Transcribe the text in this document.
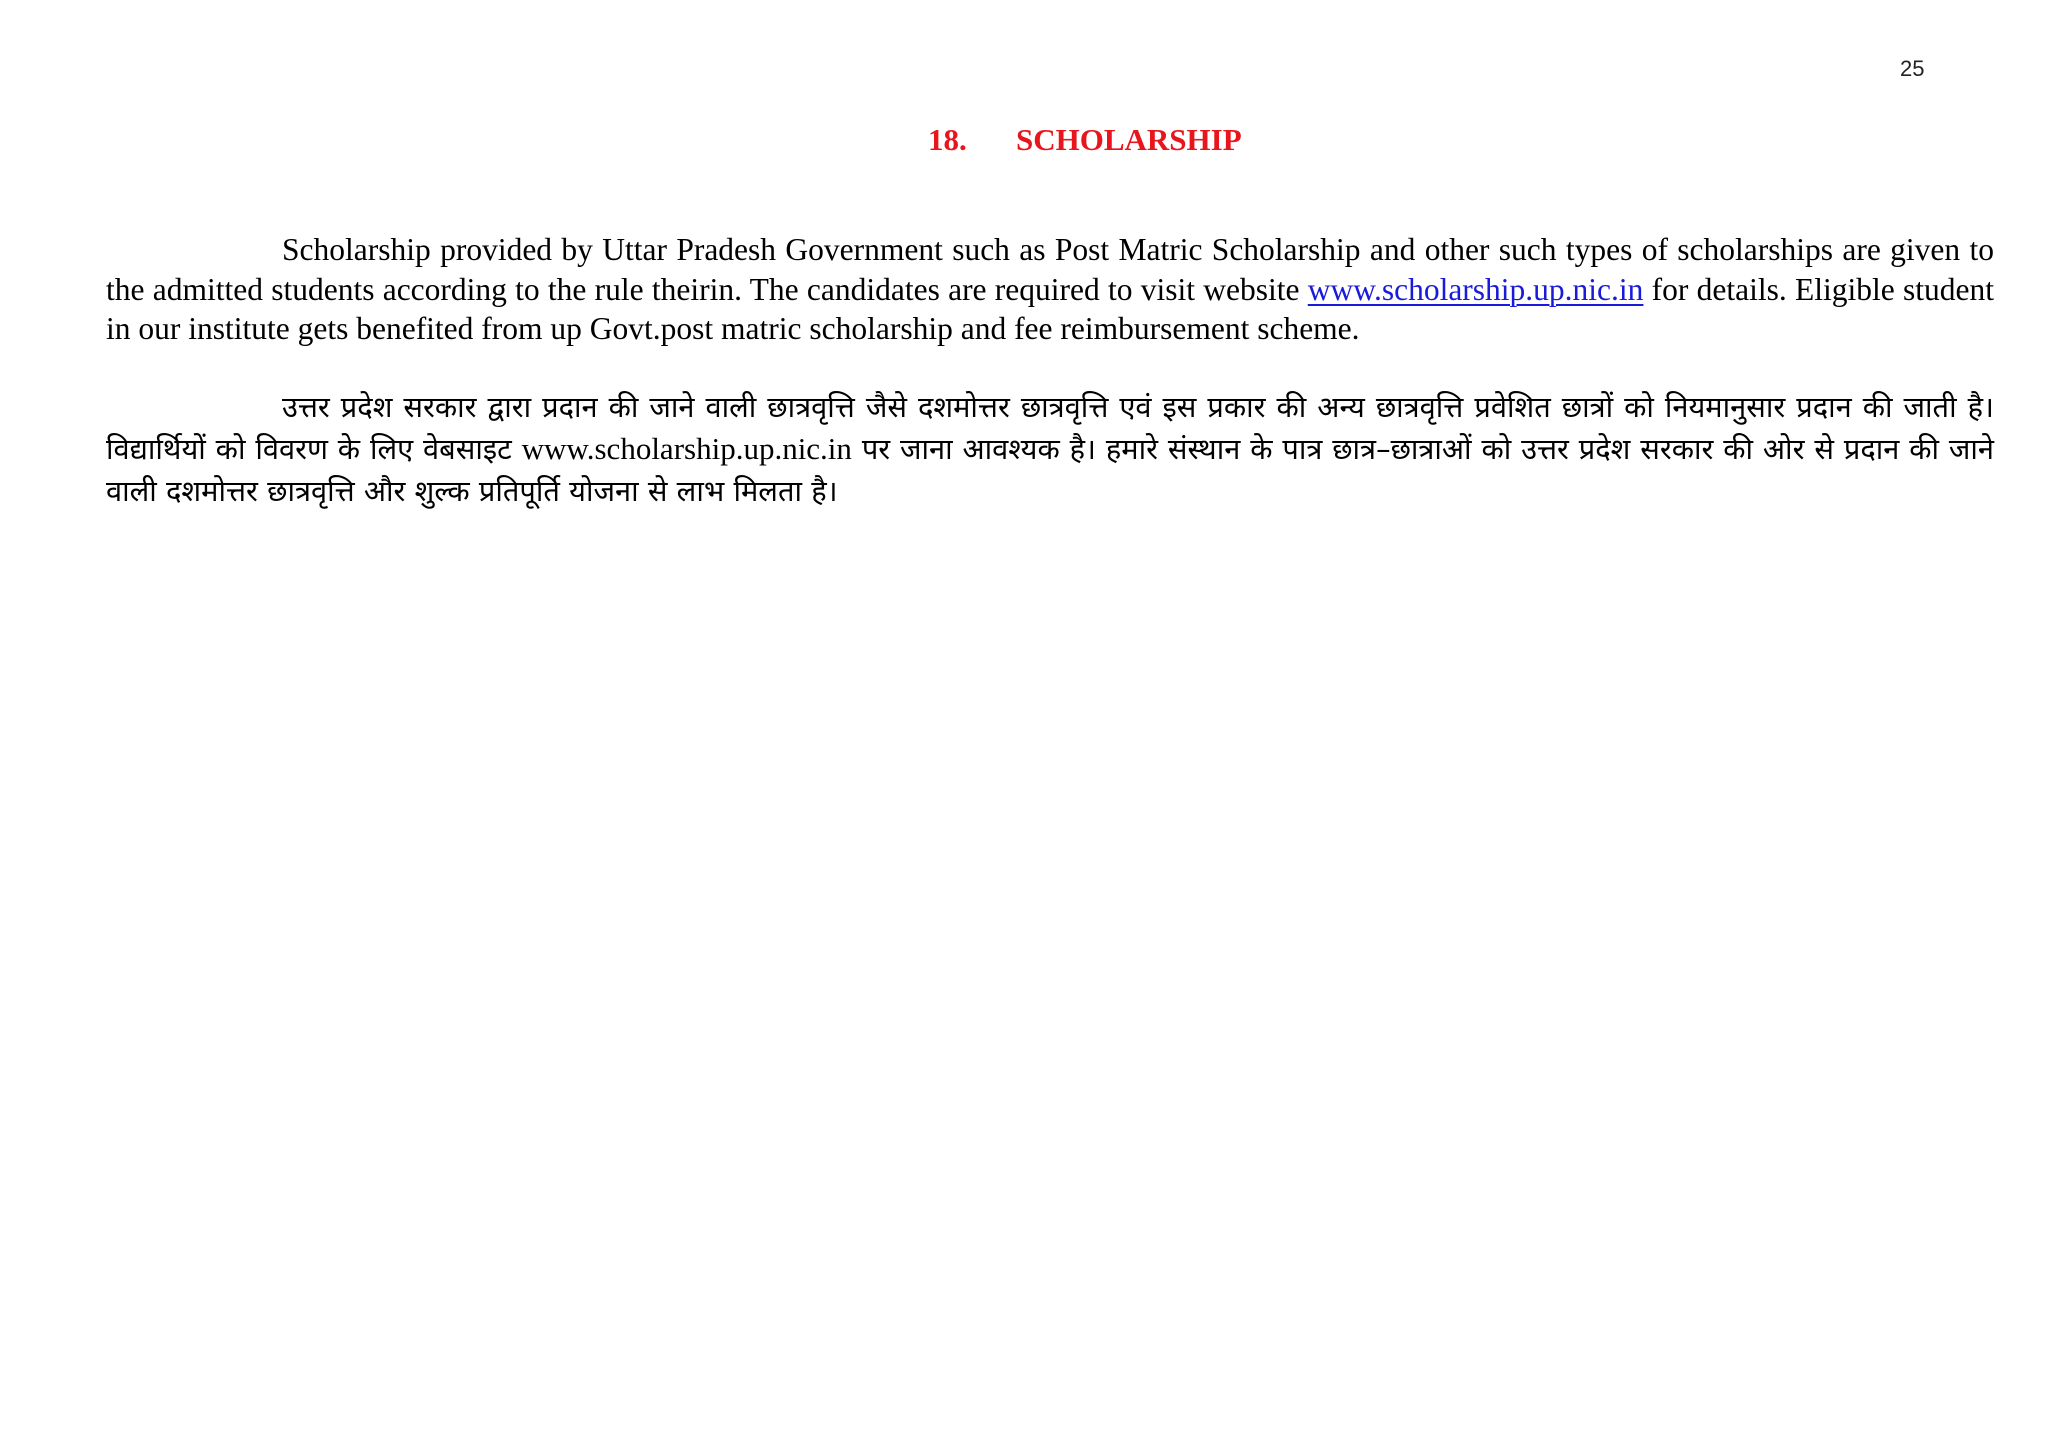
25
18. SCHOLARSHIP

Scholarship provided by Uttar Pradesh Government such as Post Matric Scholarship and other such types of scholarships are given to the admitted students according to the rule theirin. The candidates are required to visit website www.scholarship.up.nic.in for details. Eligible student in our institute gets benefited from up Govt.post matric scholarship and fee reimbursement scheme.

उत्तर प्रदेश सरकार द्वारा प्रदान की जाने वाली छात्रवृत्ति जैसे दशमोत्तर छात्रवृत्ति एवं इस प्रकार की अन्य छात्रवृत्ति प्रवेशित छात्रों को नियमानुसार प्रदान की जाती है। विद्यार्थियों को विवरण के लिए वेबसाइट www.scholarship.up.nic.in पर जाना आवश्यक है। हमारे संस्थान के पात्र छात्र–छात्राओं को उत्तर प्रदेश सरकार की ओर से प्रदान की जाने वाली दशमोत्तर छात्रवृत्ति और शुल्क प्रतिपूर्ति योजना से लाभ मिलता है।
